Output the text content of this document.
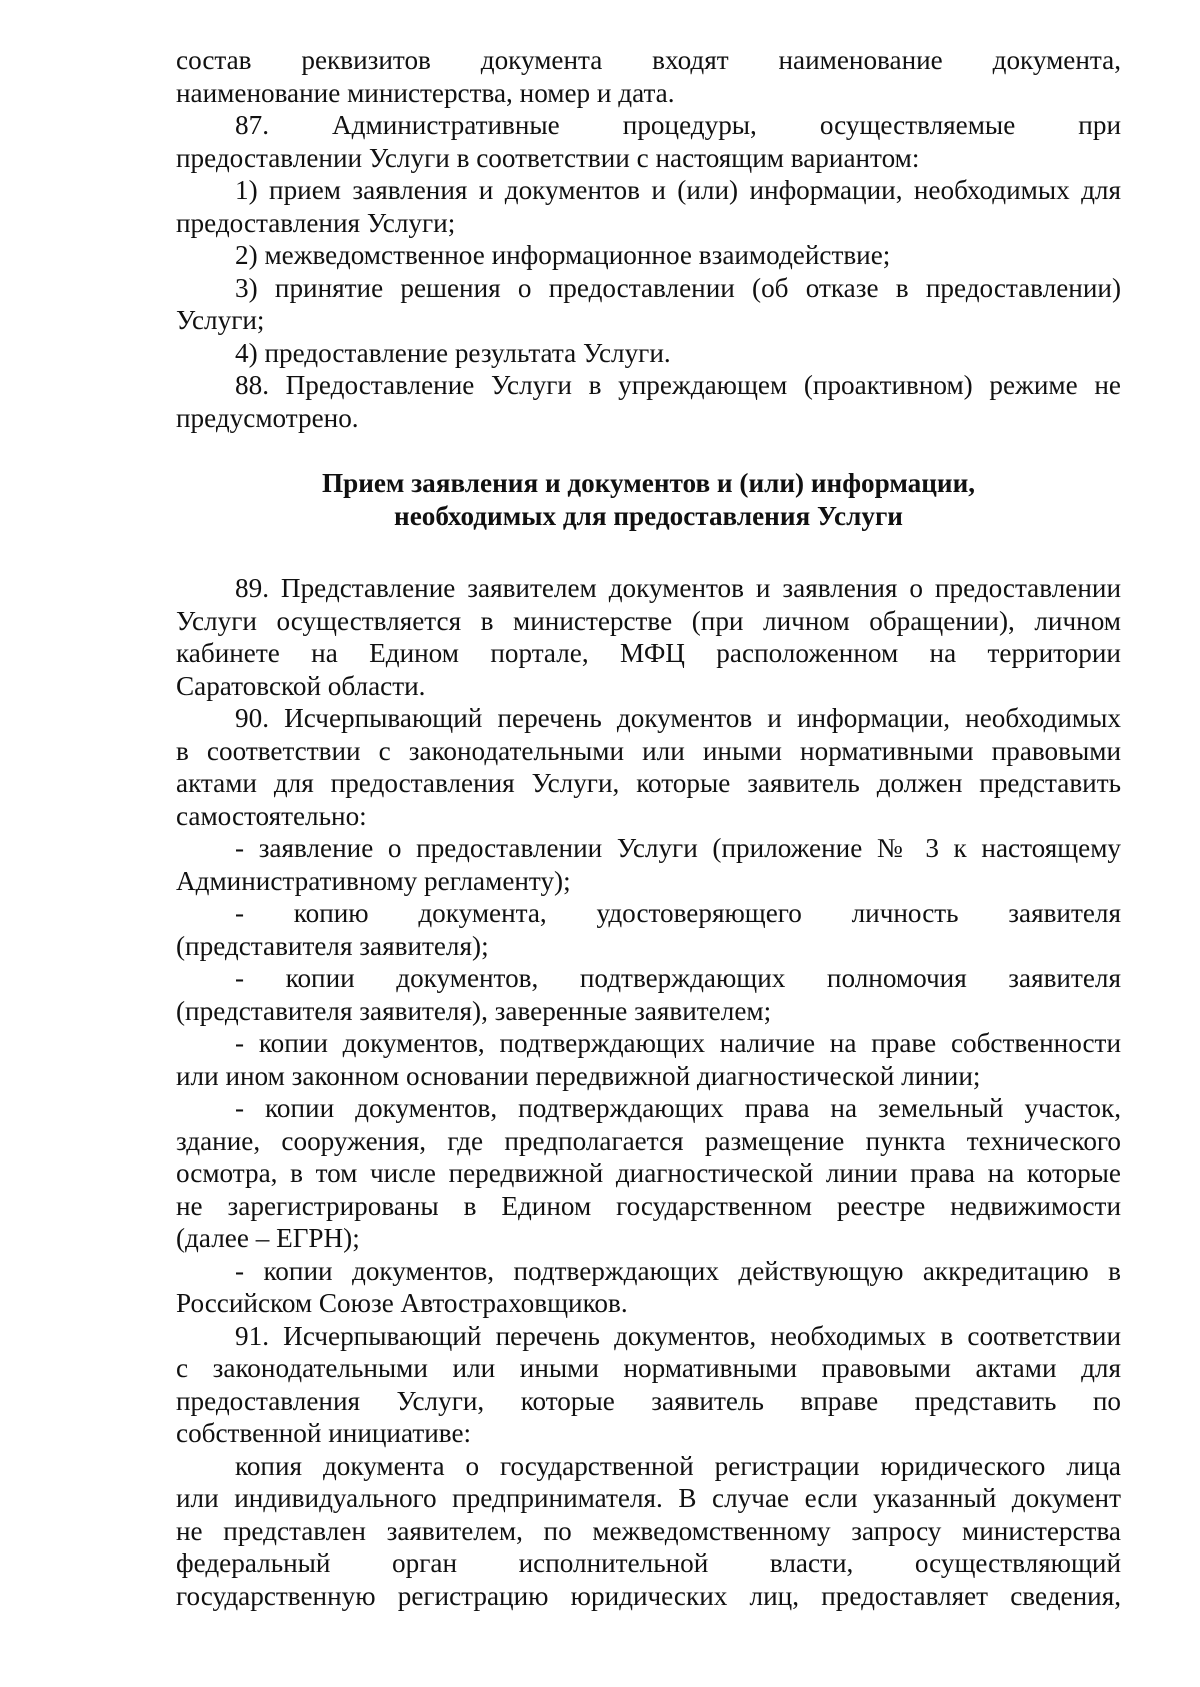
состав реквизитов документа входят наименование документа,

наименование министерства, номер и дата.

87. Административные процедуры, осуществляемые при

предоставлении Услуги в соответствии с настоящим вариантом:

1) прием заявления и документов и (или) информации, необходимых для

предоставления Услуги;

2) межведомственное информационное взаимодействие;

3) принятие решения о предоставлении (об отказе в предоставлении)

Услуги;

4) предоставление результата Услуги.

88. Предоставление Услуги в упреждающем (проактивном) режиме не

предусмотрено.

Прием заявления и документов и (или) информации,
необходимых для предоставления Услуги

89. Представление заявителем документов и заявления о предоставлении

Услуги осуществляется в министерстве (при личном обращении), личном

кабинете на Едином портале, МФЦ расположенном на территории

Саратовской области.

90. Исчерпывающий перечень документов и информации, необходимых

в соответствии с законодательными или иными нормативными правовыми

актами для предоставления Услуги, которые заявитель должен представить

самостоятельно:

- заявление о предоставлении Услуги (приложение № 3 к настоящему

Административному регламенту);

- копию документа, удостоверяющего личность заявителя

(представителя заявителя);

- копии документов, подтверждающих полномочия заявителя

(представителя заявителя), заверенные заявителем;

- копии документов, подтверждающих наличие на праве собственности

или ином законном основании передвижной диагностической линии;

- копии документов, подтверждающих права на земельный участок,

здание, сооружения, где предполагается размещение пункта технического

осмотра, в том числе передвижной диагностической линии права на которые

не зарегистрированы в Едином государственном реестре недвижимости

(далее – ЕГРН);

- копии документов, подтверждающих действующую аккредитацию в

Российском Союзе Автостраховщиков.

91. Исчерпывающий перечень документов, необходимых в соответствии

с законодательными или иными нормативными правовыми актами для

предоставления Услуги, которые заявитель вправе представить по

собственной инициативе:

копия документа о государственной регистрации юридического лица

или индивидуального предпринимателя. В случае если указанный документ

не представлен заявителем, по межведомственному запросу министерства

федеральный орган исполнительной власти, осуществляющий

государственную регистрацию юридических лиц, предоставляет сведения,
